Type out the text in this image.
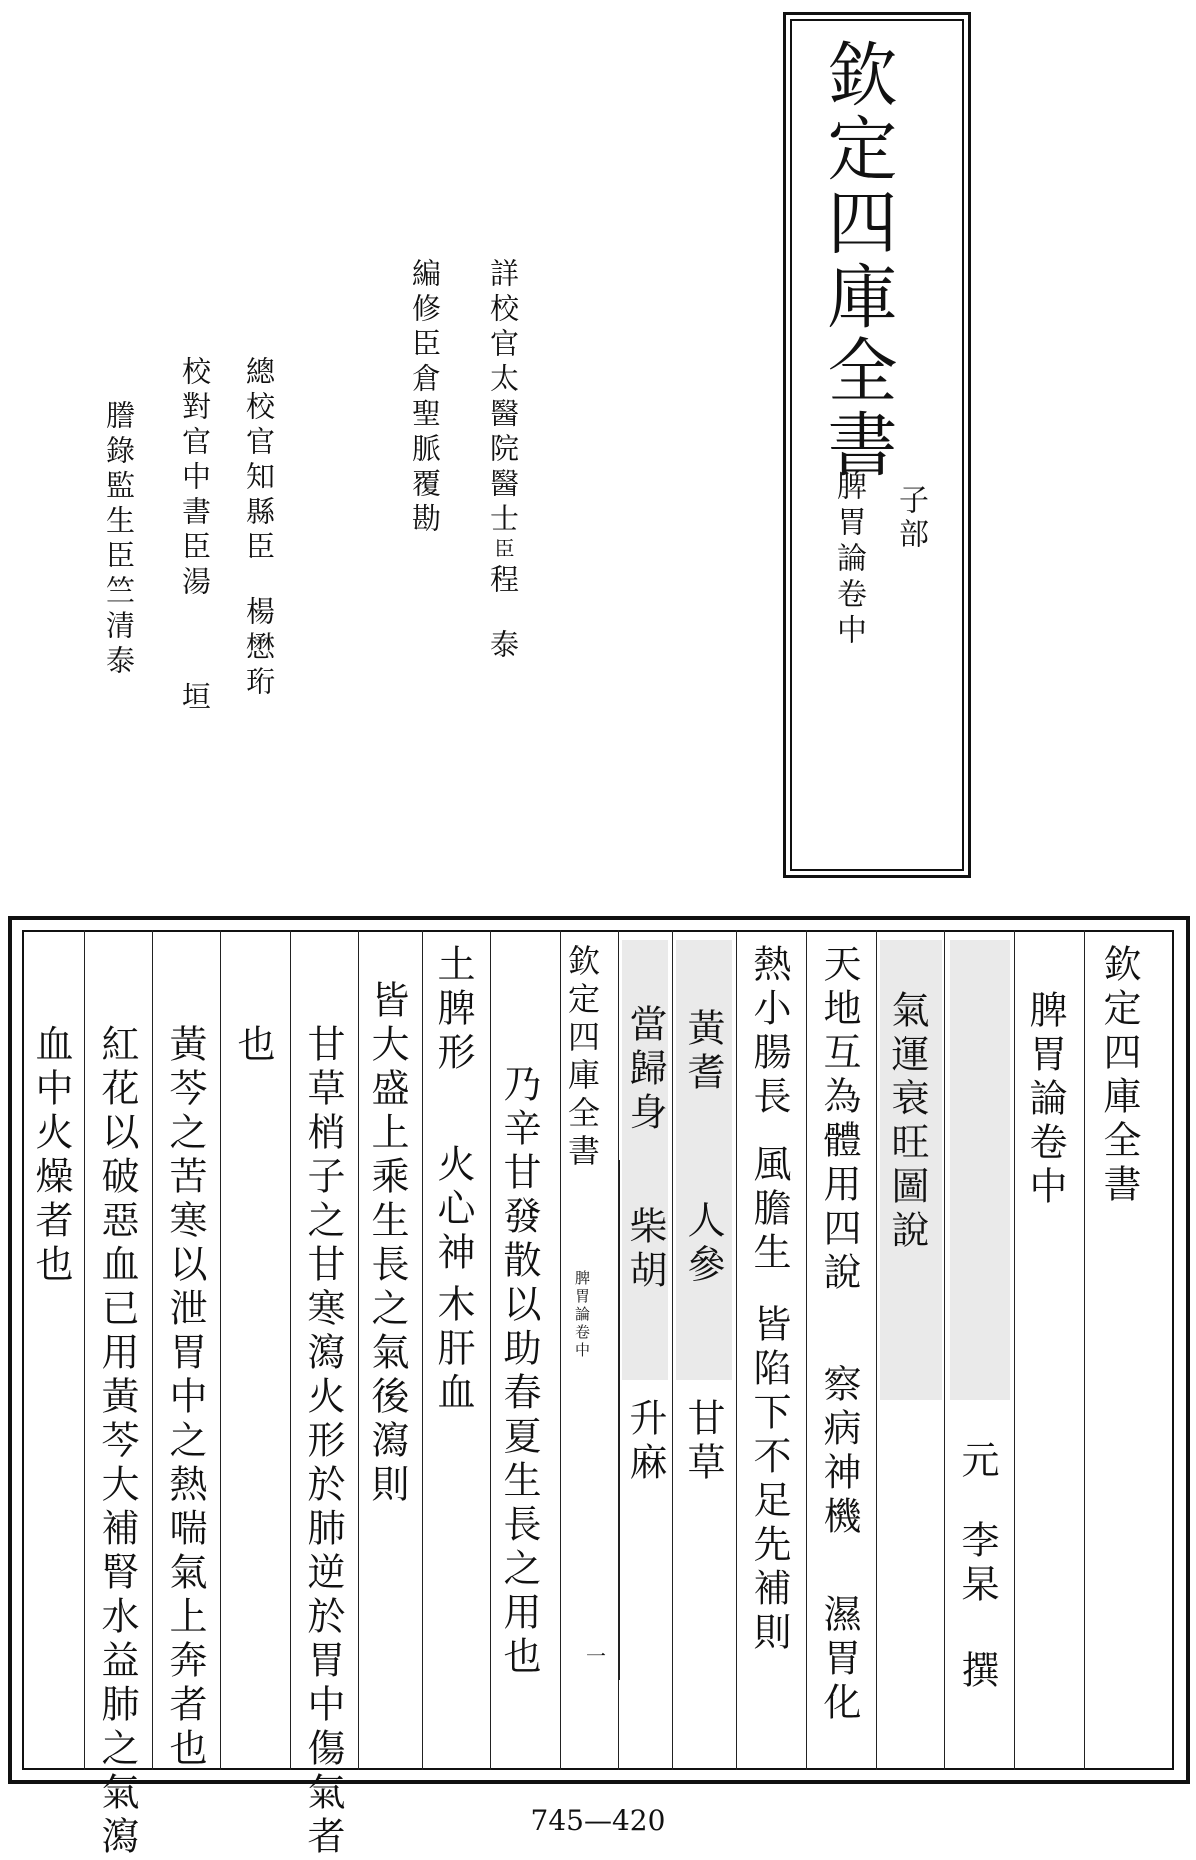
欽定四庫全書
子部
脾胃論卷中
詳校官太醫院醫士臣程泰
編修臣倉聖脈覆勘
總校官知縣臣楊懋珩
校對官中書臣湯垣
謄錄監生臣竺清泰
欽定四庫全書
脾胃論卷中
元
李杲
撰
氣運衰旺圖說
天地互為體用四說
察病神機
濕胃化
熱小腸長
風膽生
皆陷下不足先補則
黃耆
人參
甘草
當歸身
柴胡
升麻
欽定四庫全書
脾胃論卷中
一
乃辛甘發散以助春夏生長之用也
土脾形
火心神
木肝血
皆大盛上乘生長之氣後瀉則
甘草梢子之甘寒瀉火形於肺逆於胃中傷氣者
也
黃芩之苦寒以泄胃中之熱喘氣上奔者也
紅花以破惡血已用黃芩大補腎水益肺之氣瀉
血中火燥者也
745—420
